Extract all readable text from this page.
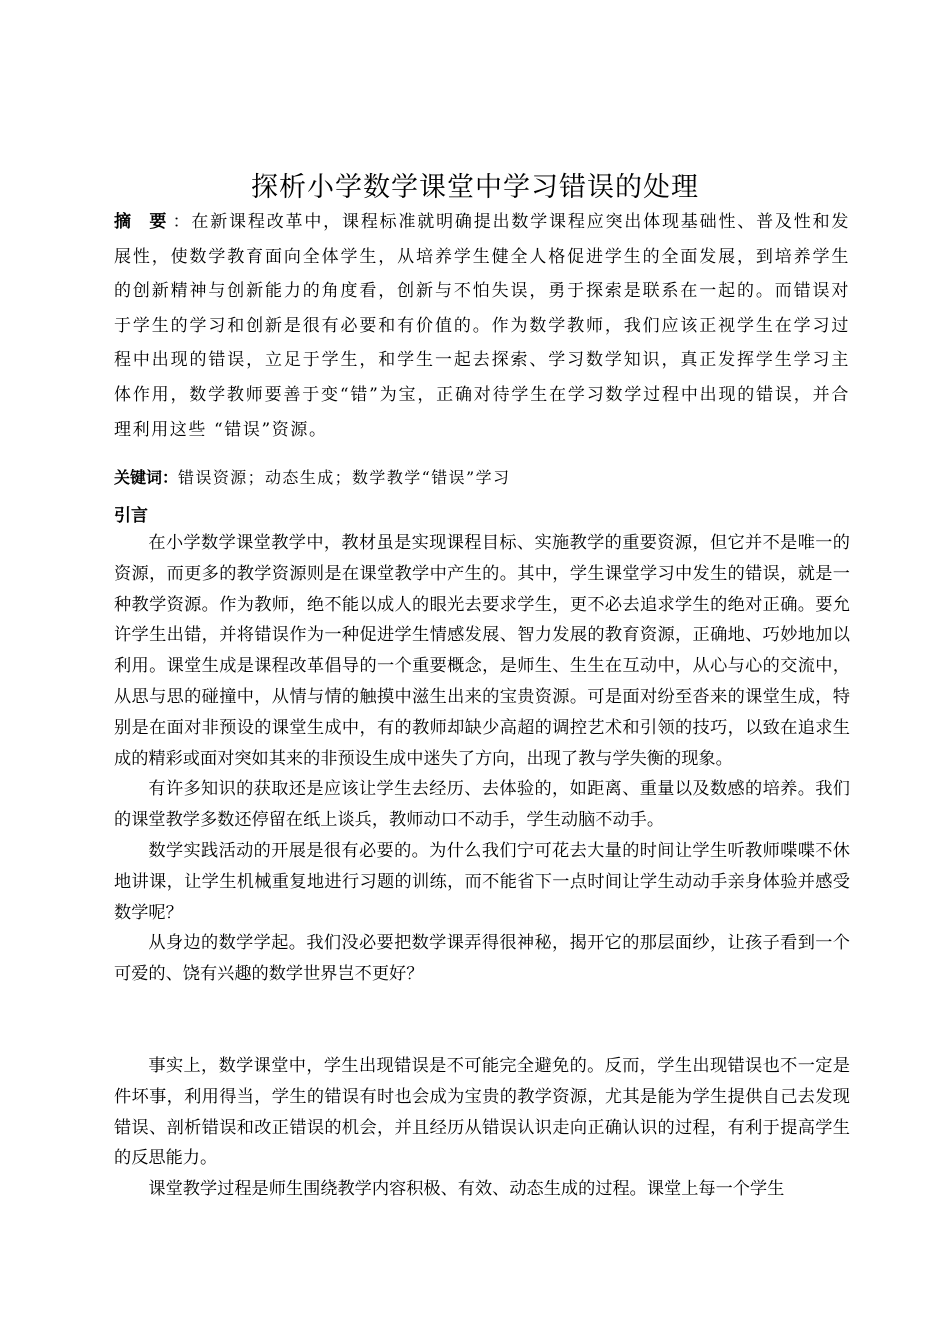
探析小学数学课堂中学习错误的处理

摘 要：在新课程改革中，课程标准就明确提出数学课程应突出体现基础性、普及性和发展性，使数学教育面向全体学生，从培养学生健全人格促进学生的全面发展，到培养学生的创新精神与创新能力的角度看，创新与不怕失误，勇于探索是联系在一起的。而错误对于学生的学习和创新是很有必要和有价值的。作为数学教师，我们应该正视学生在学习过程中出现的错误，立足于学生，和学生一起去探索、学习数学知识，真正发挥学生学习主体作用，数学教师要善于变“错”为宝，正确对待学生在学习数学过程中出现的错误，并合理利用这些 “错误”资源。

关键词：错误资源；动态生成；数学教学“错误”学习

引言

在小学数学课堂教学中，教材虽是实现课程目标、实施教学的重要资源，但它并不是唯一的资源，而更多的教学资源则是在课堂教学中产生的。其中，学生课堂学习中发生的错误，就是一种教学资源。作为教师，绝不能以成人的眼光去要求学生，更不必去追求学生的绝对正确。要允许学生出错，并将错误作为一种促进学生情感发展、智力发展的教育资源，正确地、巧妙地加以利用。课堂生成是课程改革倡导的一个重要概念，是师生、生生在互动中，从心与心的交流中，从思与思的碰撞中，从情与情的触摸中滋生出来的宝贵资源。可是面对纷至沓来的课堂生成，特别是在面对非预设的课堂生成中，有的教师却缺少高超的调控艺术和引领的技巧，以致在追求生成的精彩或面对突如其来的非预设生成中迷失了方向，出现了教与学失衡的现象。

有许多知识的获取还是应该让学生去经历、去体验的，如距离、重量以及数感的培养。我们的课堂教学多数还停留在纸上谈兵，教师动口不动手，学生动脑不动手。

数学实践活动的开展是很有必要的。为什么我们宁可花去大量的时间让学生听教师喋喋不休地讲课，让学生机械重复地进行习题的训练，而不能省下一点时间让学生动动手亲身体验并感受数学呢？

从身边的数学学起。我们没必要把数学课弄得很神秘，揭开它的那层面纱，让孩子看到一个可爱的、饶有兴趣的数学世界岂不更好？

事实上，数学课堂中，学生出现错误是不可能完全避免的。反而，学生出现错误也不一定是件坏事，利用得当，学生的错误有时也会成为宝贵的教学资源，尤其是能为学生提供自己去发现错误、剖析错误和改正错误的机会，并且经历从错误认识走向正确认识的过程，有利于提高学生的反思能力。

课堂教学过程是师生围绕教学内容积极、有效、动态生成的过程。课堂上每一个学生
